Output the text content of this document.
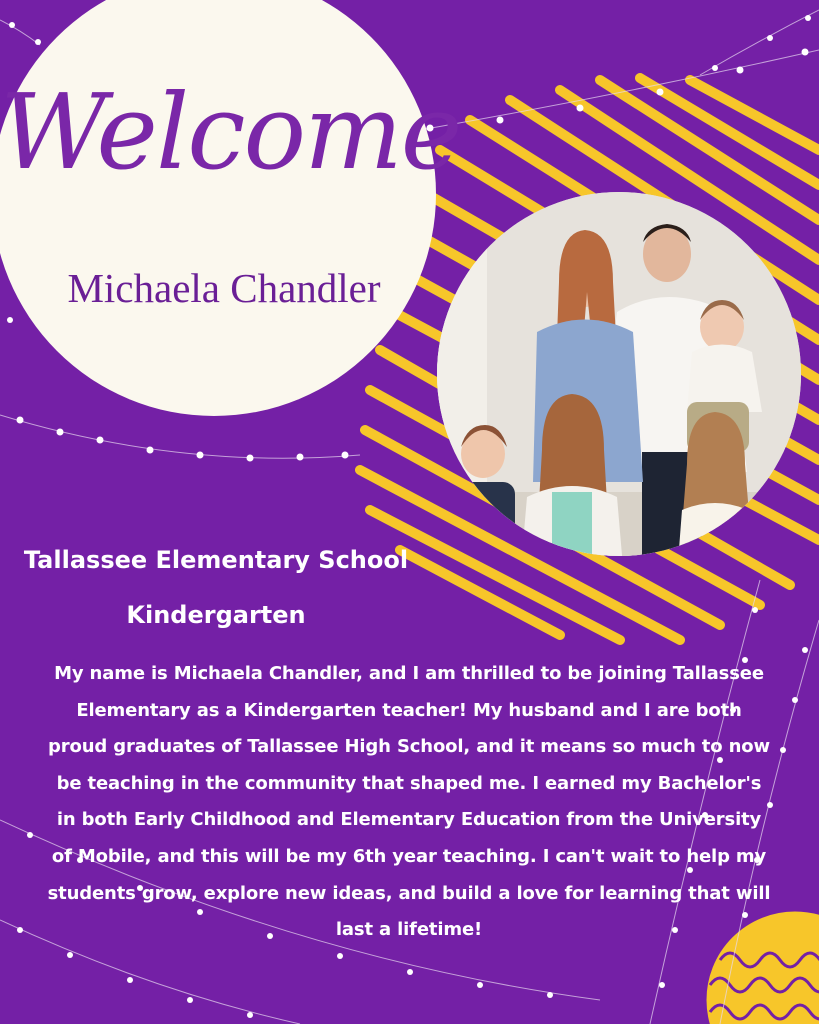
Welcome
Michaela Chandler
Tallassee Elementary School
Kindergarten

My name is Michaela Chandler, and I am thrilled to be joining Tallassee Elementary as a Kindergarten teacher! My husband and I are both proud graduates of Tallassee High School, and it means so much to now be teaching in the community that shaped me. I earned my Bachelor's in both Early Childhood and Elementary Education from the University of Mobile, and this will be my 6th year teaching. I can't wait to help my students grow, explore new ideas, and build a love for learning that will last a lifetime!
